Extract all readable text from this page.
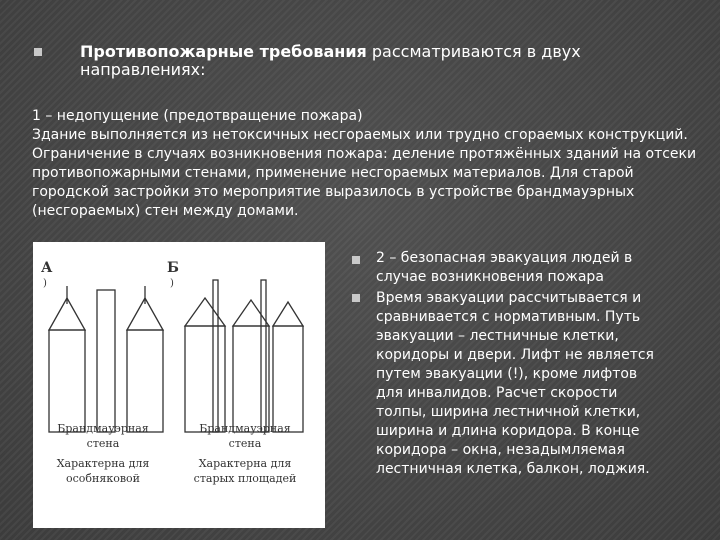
Противопожарные требования рассматриваются в двух направлениях:

1 – недопущение (предотвращение пожара)

Здание выполняется из нетоксичных несгораемых или трудно сгораемых конструкций. Ограничение в случаях возникновения пожара: деление протяжённых зданий на отсеки противопожарными стенами, применение несгораемых материалов. Для старой городской застройки это мероприятие выразилось в устройстве брандмауэрных (несгораемых) стен между домами.

А
)
Б
)
Брандмауэрная
стена
Характерна для
особняковой
Брандмауэрная
стена
Характерна для
старых площадей
2 – безопасная эвакуация людей в случае возникновения пожара
Время эвакуации рассчитывается и сравнивается с нормативным. Путь эвакуации – лестничные клетки, коридоры и двери. Лифт не является путем эвакуации (!), кроме лифтов для инвалидов. Расчет скорости толпы, ширина лестничной клетки, ширина и длина коридора. В конце коридора – окна, незадымляемая лестничная клетка, балкон, лоджия.
